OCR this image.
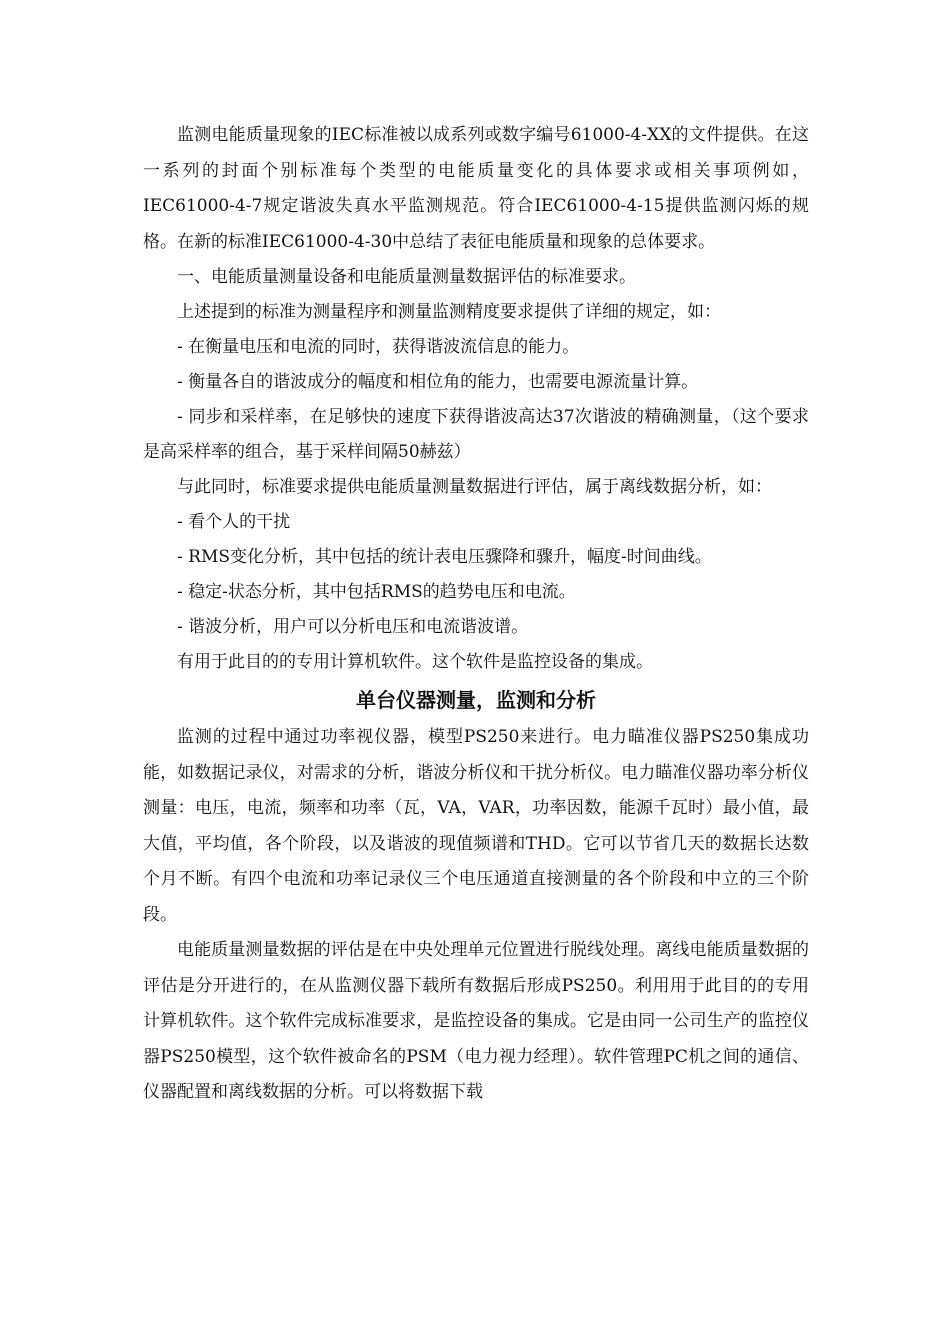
监测电能质量现象的IEC标准被以成系列或数字编号61000-4-XX的文件提供。在这一系列的封面个别标准每个类型的电能质量变化的具体要求或相关事项例如，IEC61000-4-7规定谐波失真水平监测规范。符合IEC61000-4-15提供监测闪烁的规格。在新的标准IEC61000-4-30中总结了表征电能质量和现象的总体要求。

一、电能质量测量设备和电能质量测量数据评估的标准要求。

上述提到的标准为测量程序和测量监测精度要求提供了详细的规定，如：

- 在衡量电压和电流的同时，获得谐波流信息的能力。

- 衡量各自的谐波成分的幅度和相位角的能力，也需要电源流量计算。

- 同步和采样率，在足够快的速度下获得谐波高达37次谐波的精确测量，（这个要求是高采样率的组合，基于采样间隔50赫兹）

与此同时，标准要求提供电能质量测量数据进行评估，属于离线数据分析，如：

- 看个人的干扰

- RMS变化分析，其中包括的统计表电压骤降和骤升，幅度-时间曲线。

- 稳定-状态分析，其中包括RMS的趋势电压和电流。

- 谐波分析，用户可以分析电压和电流谐波谱。

有用于此目的的专用计算机软件。这个软件是监控设备的集成。

单台仪器测量，监测和分析

监测的过程中通过功率视仪器，模型PS250来进行。电力瞄准仪器PS250集成功能，如数据记录仪，对需求的分析，谐波分析仪和干扰分析仪。电力瞄准仪器功率分析仪测量：电压，电流，频率和功率（瓦，VA，VAR，功率因数，能源千瓦时）最小值，最大值，平均值，各个阶段，以及谐波的现值频谱和THD。它可以节省几天的数据长达数个月不断。有四个电流和功率记录仪三个电压通道直接测量的各个阶段和中立的三个阶段。

电能质量测量数据的评估是在中央处理单元位置进行脱线处理。离线电能质量数据的评估是分开进行的，在从监测仪器下载所有数据后形成PS250。利用用于此目的的专用计算机软件。这个软件完成标准要求，是监控设备的集成。它是由同一公司生产的监控仪器PS250模型，这个软件被命名的PSM（电力视力经理）。软件管理PC机之间的通信、仪器配置和离线数据的分析。可以将数据下载
